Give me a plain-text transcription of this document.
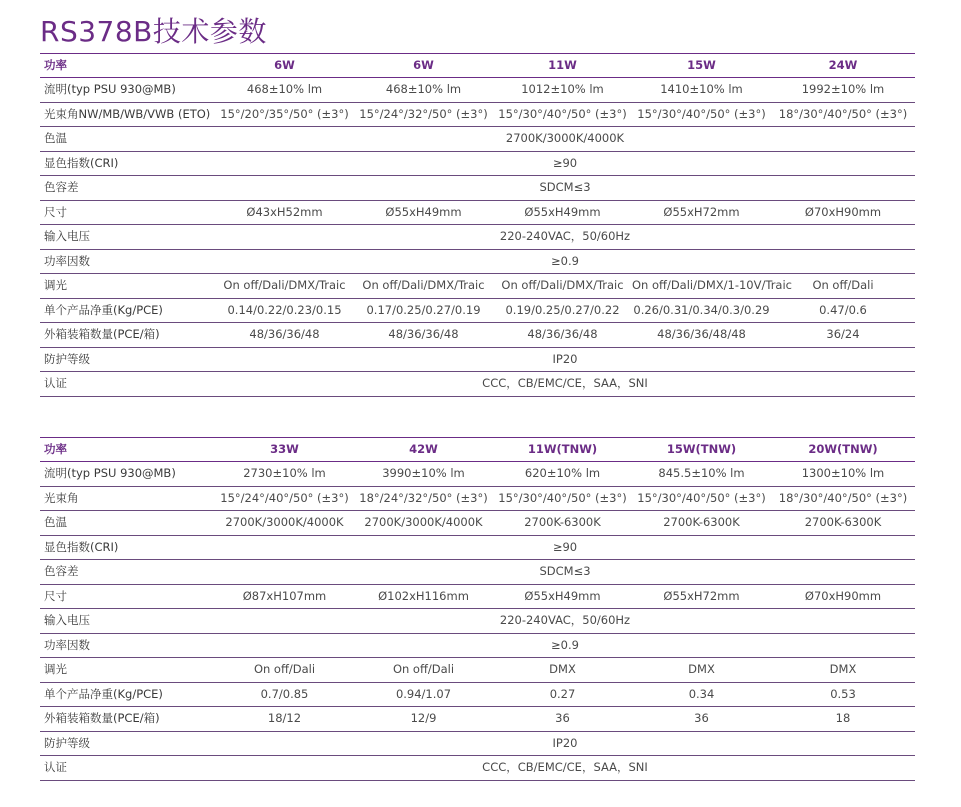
RS378B技术参数
功率	6W	6W	11W	15W	24W
流明(typ PSU 930@MB)	468±10% lm	468±10% lm	1012±10% lm	1410±10% lm	1992±10% lm
光束角NW/MB/WB/VWB (ETO)	15°/20°/35°/50° (±3°)	15°/24°/32°/50° (±3°)	15°/30°/40°/50° (±3°)	15°/30°/40°/50° (±3°)	18°/30°/40°/50° (±3°)
色温	2700K/3000K/4000K				
显色指数(CRI)	≥90				
色容差	SDCM≤3				
尺寸	Ø43xH52mm	Ø55xH49mm	Ø55xH49mm	Ø55xH72mm	Ø70xH90mm
输入电压	220-240VAC，50/60Hz				
功率因数	≥0.9				
调光	On off/Dali/DMX/Traic	On off/Dali/DMX/Traic	On off/Dali/DMX/Traic	On off/Dali/DMX/1-10V/Traic	On off/Dali
单个产品净重(Kg/PCE)	0.14/0.22/0.23/0.15	0.17/0.25/0.27/0.19	0.19/0.25/0.27/0.22	0.26/0.31/0.34/0.3/0.29	0.47/0.6
外箱装箱数量(PCE/箱)	48/36/36/48	48/36/36/48	48/36/36/48	48/36/36/48/48	36/24
防护等级	IP20				
认证	CCC，CB/EMC/CE，SAA，SNI				
功率	33W	42W	11W(TNW)	15W(TNW)	20W(TNW)
流明(typ PSU 930@MB)	2730±10% lm	3990±10% lm	620±10% lm	845.5±10% lm	1300±10% lm
光束角	15°/24°/40°/50° (±3°)	18°/24°/32°/50° (±3°)	15°/30°/40°/50° (±3°)	15°/30°/40°/50° (±3°)	18°/30°/40°/50° (±3°)
色温	2700K/3000K/4000K	2700K/3000K/4000K	2700K-6300K	2700K-6300K	2700K-6300K
显色指数(CRI)	≥90				
色容差	SDCM≤3				
尺寸	Ø87xH107mm	Ø102xH116mm	Ø55xH49mm	Ø55xH72mm	Ø70xH90mm
输入电压	220-240VAC，50/60Hz				
功率因数	≥0.9				
调光	On off/Dali	On off/Dali	DMX	DMX	DMX
单个产品净重(Kg/PCE)	0.7/0.85	0.94/1.07	0.27	0.34	0.53
外箱装箱数量(PCE/箱)	18/12	12/9	36	36	18
防护等级	IP20				
认证	CCC，CB/EMC/CE，SAA，SNI				
